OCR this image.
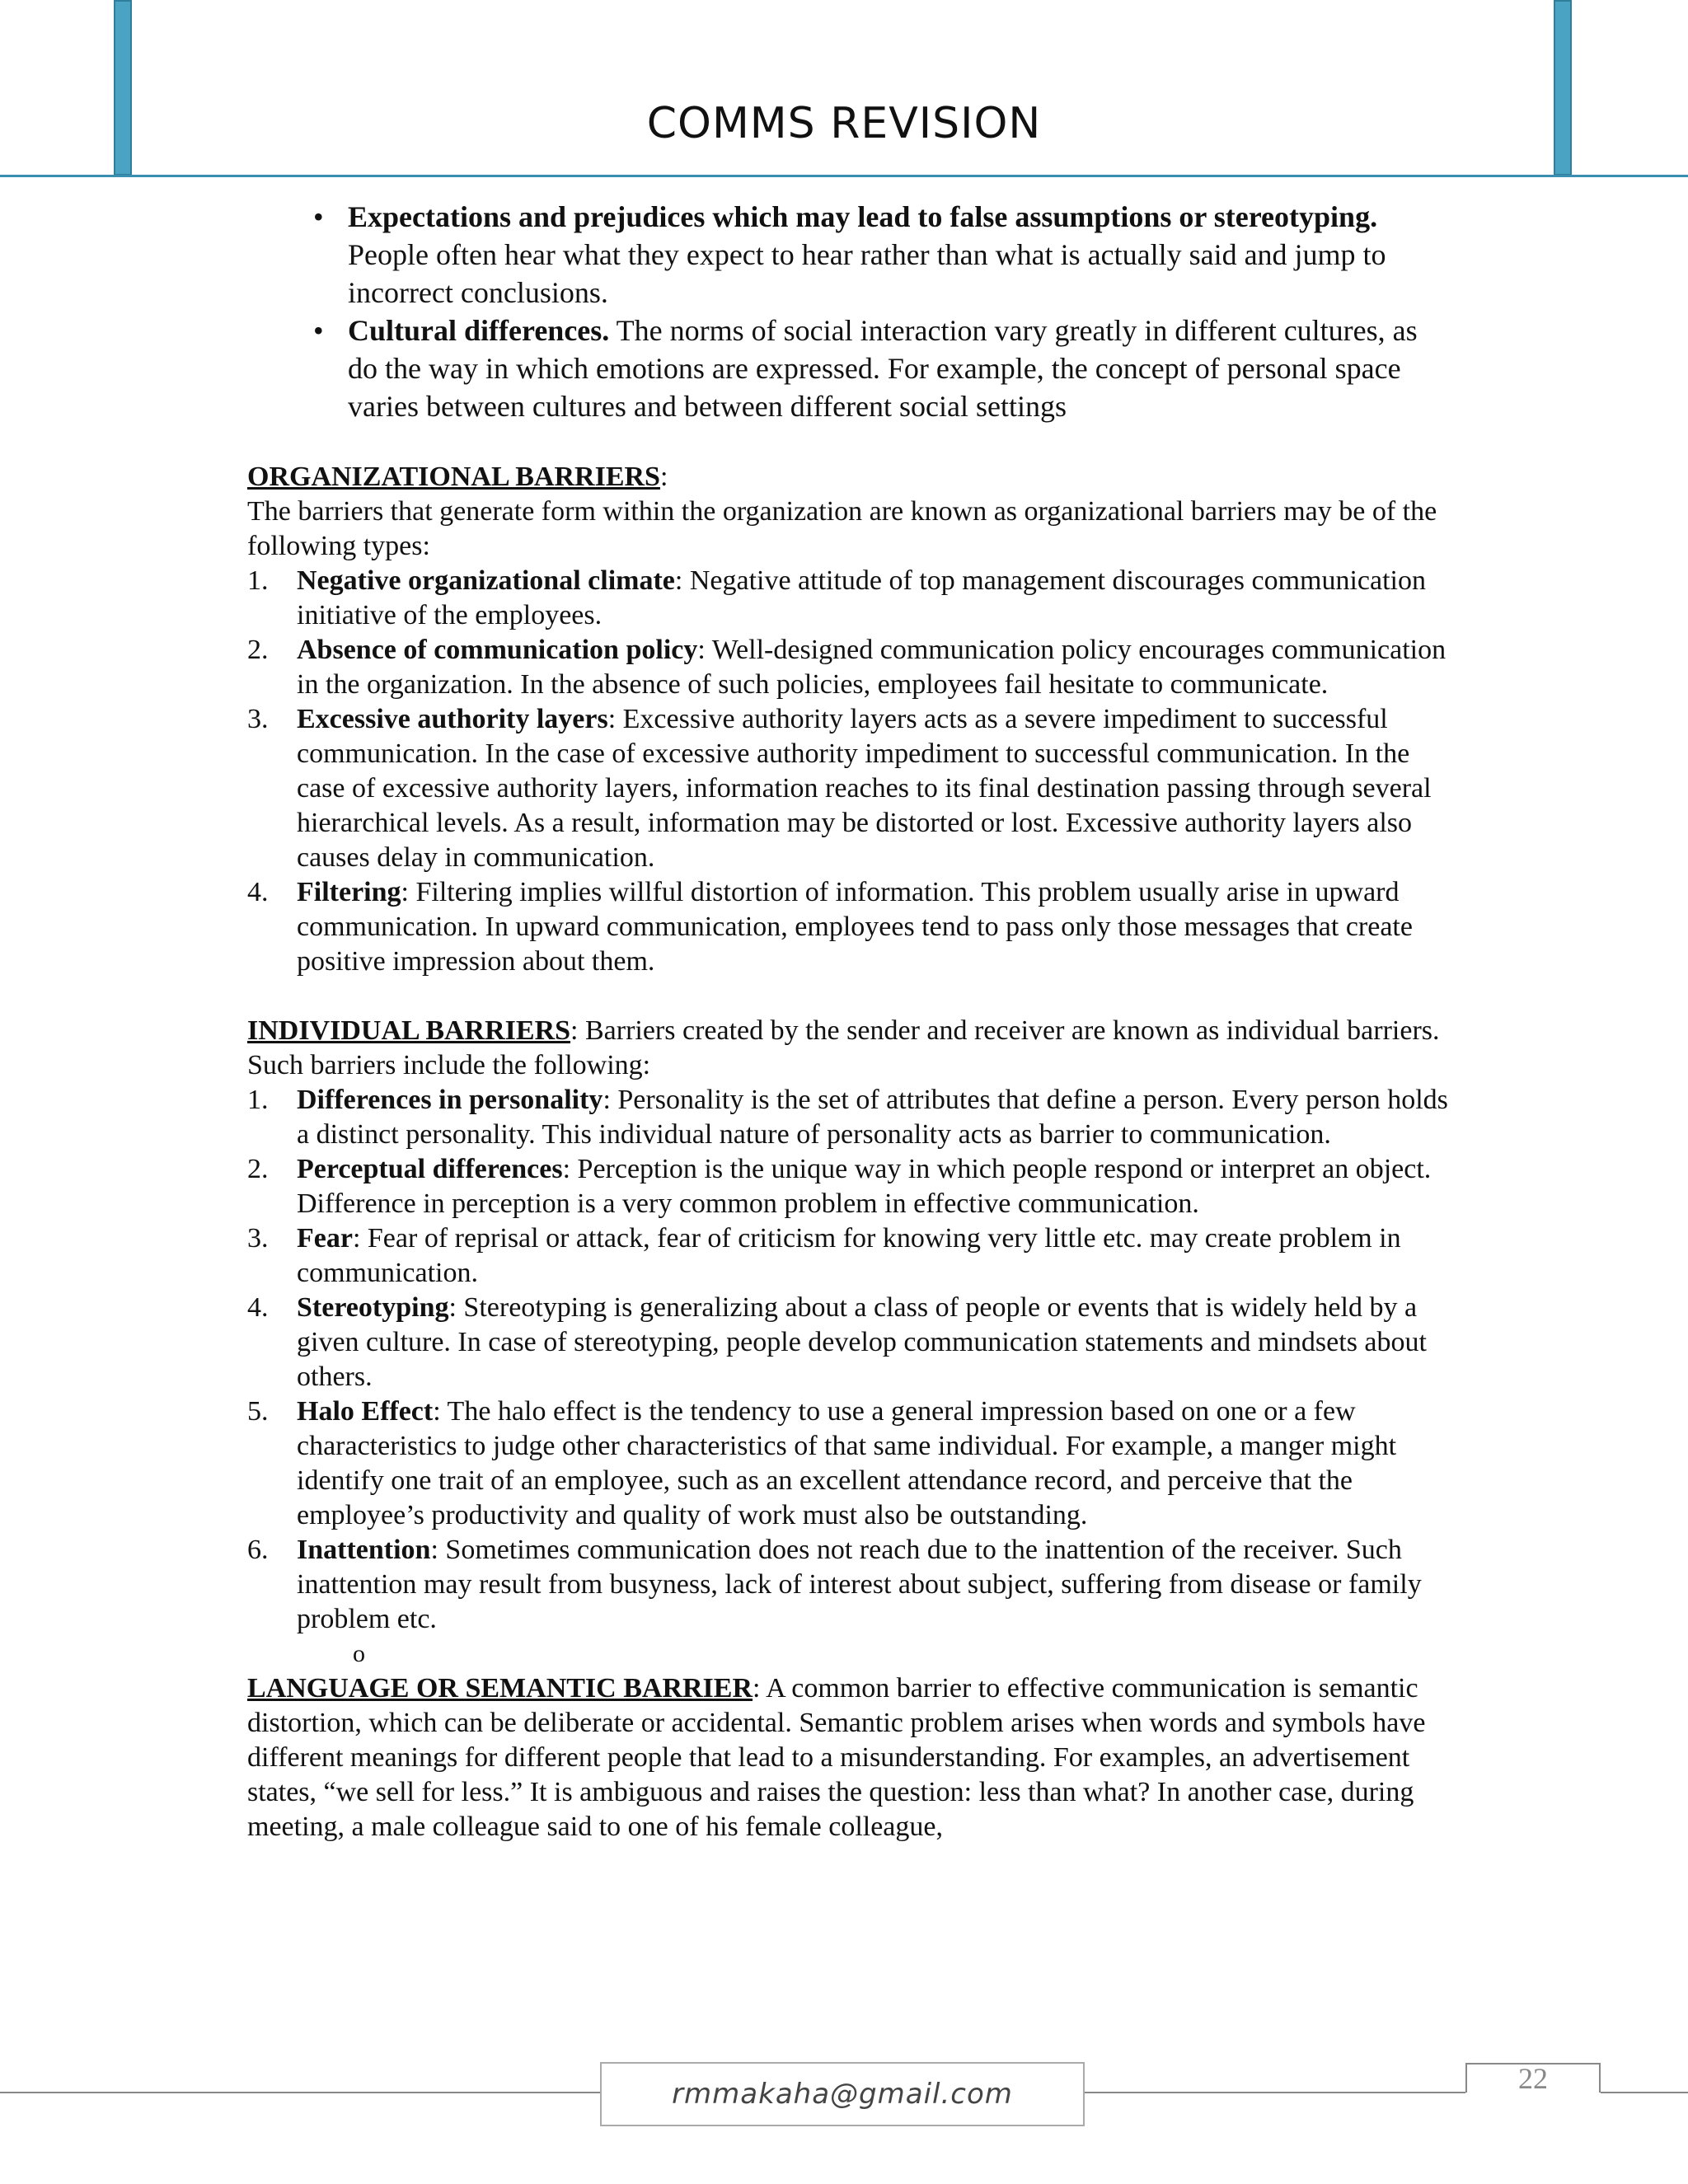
COMMS REVISION
• Expectations and prejudices which may lead to false assumptions or stereotyping. People often hear what they expect to hear rather than what is actually said and jump to incorrect conclusions.

• Cultural differences. The norms of social interaction vary greatly in different cultures, as do the way in which emotions are expressed. For example, the concept of personal space varies between cultures and between different social settings

ORGANIZATIONAL BARRIERS:

The barriers that generate form within the organization are known as organizational barriers may be of the following types:

1. Negative organizational climate: Negative attitude of top management discourages communication initiative of the employees.
2. Absence of communication policy: Well-designed communication policy encourages communication in the organization. In the absence of such policies, employees fail hesitate to communicate.
3. Excessive authority layers: Excessive authority layers acts as a severe impediment to successful communication. In the case of excessive authority impediment to successful communication. In the case of excessive authority layers, information reaches to its final destination passing through several hierarchical levels. As a result, information may be distorted or lost. Excessive authority layers also causes delay in communication.
4. Filtering: Filtering implies willful distortion of information. This problem usually arise in upward communication. In upward communication, employees tend to pass only those messages that create positive impression about them.

INDIVIDUAL BARRIERS: Barriers created by the sender and receiver are known as individual barriers. Such barriers include the following:

1. Differences in personality: Personality is the set of attributes that define a person. Every person holds a distinct personality. This individual nature of personality acts as barrier to communication.
2. Perceptual differences: Perception is the unique way in which people respond or interpret an object. Difference in perception is a very common problem in effective communication.
3. Fear: Fear of reprisal or attack, fear of criticism for knowing very little etc. may create problem in communication.
4. Stereotyping: Stereotyping is generalizing about a class of people or events that is widely held by a given culture. In case of stereotyping, people develop communication statements and mindsets about others.
5. Halo Effect: The halo effect is the tendency to use a general impression based on one or a few characteristics to judge other characteristics of that same individual. For example, a manger might identify one trait of an employee, such as an excellent attendance record, and perceive that the employee’s productivity and quality of work must also be outstanding.
6. Inattention: Sometimes communication does not reach due to the inattention of the receiver. Such inattention may result from busyness, lack of interest about subject, suffering from disease or family problem etc.

o

LANGUAGE OR SEMANTIC BARRIER: A common barrier to effective communication is semantic distortion, which can be deliberate or accidental. Semantic problem arises when words and symbols have different meanings for different people that lead to a misunderstanding. For examples, an advertisement states, “we sell for less.” It is ambiguous and raises the question: less than what? In another case, during meeting, a male colleague said to one of his female colleague,

rmmakaha@gmail.com	22
